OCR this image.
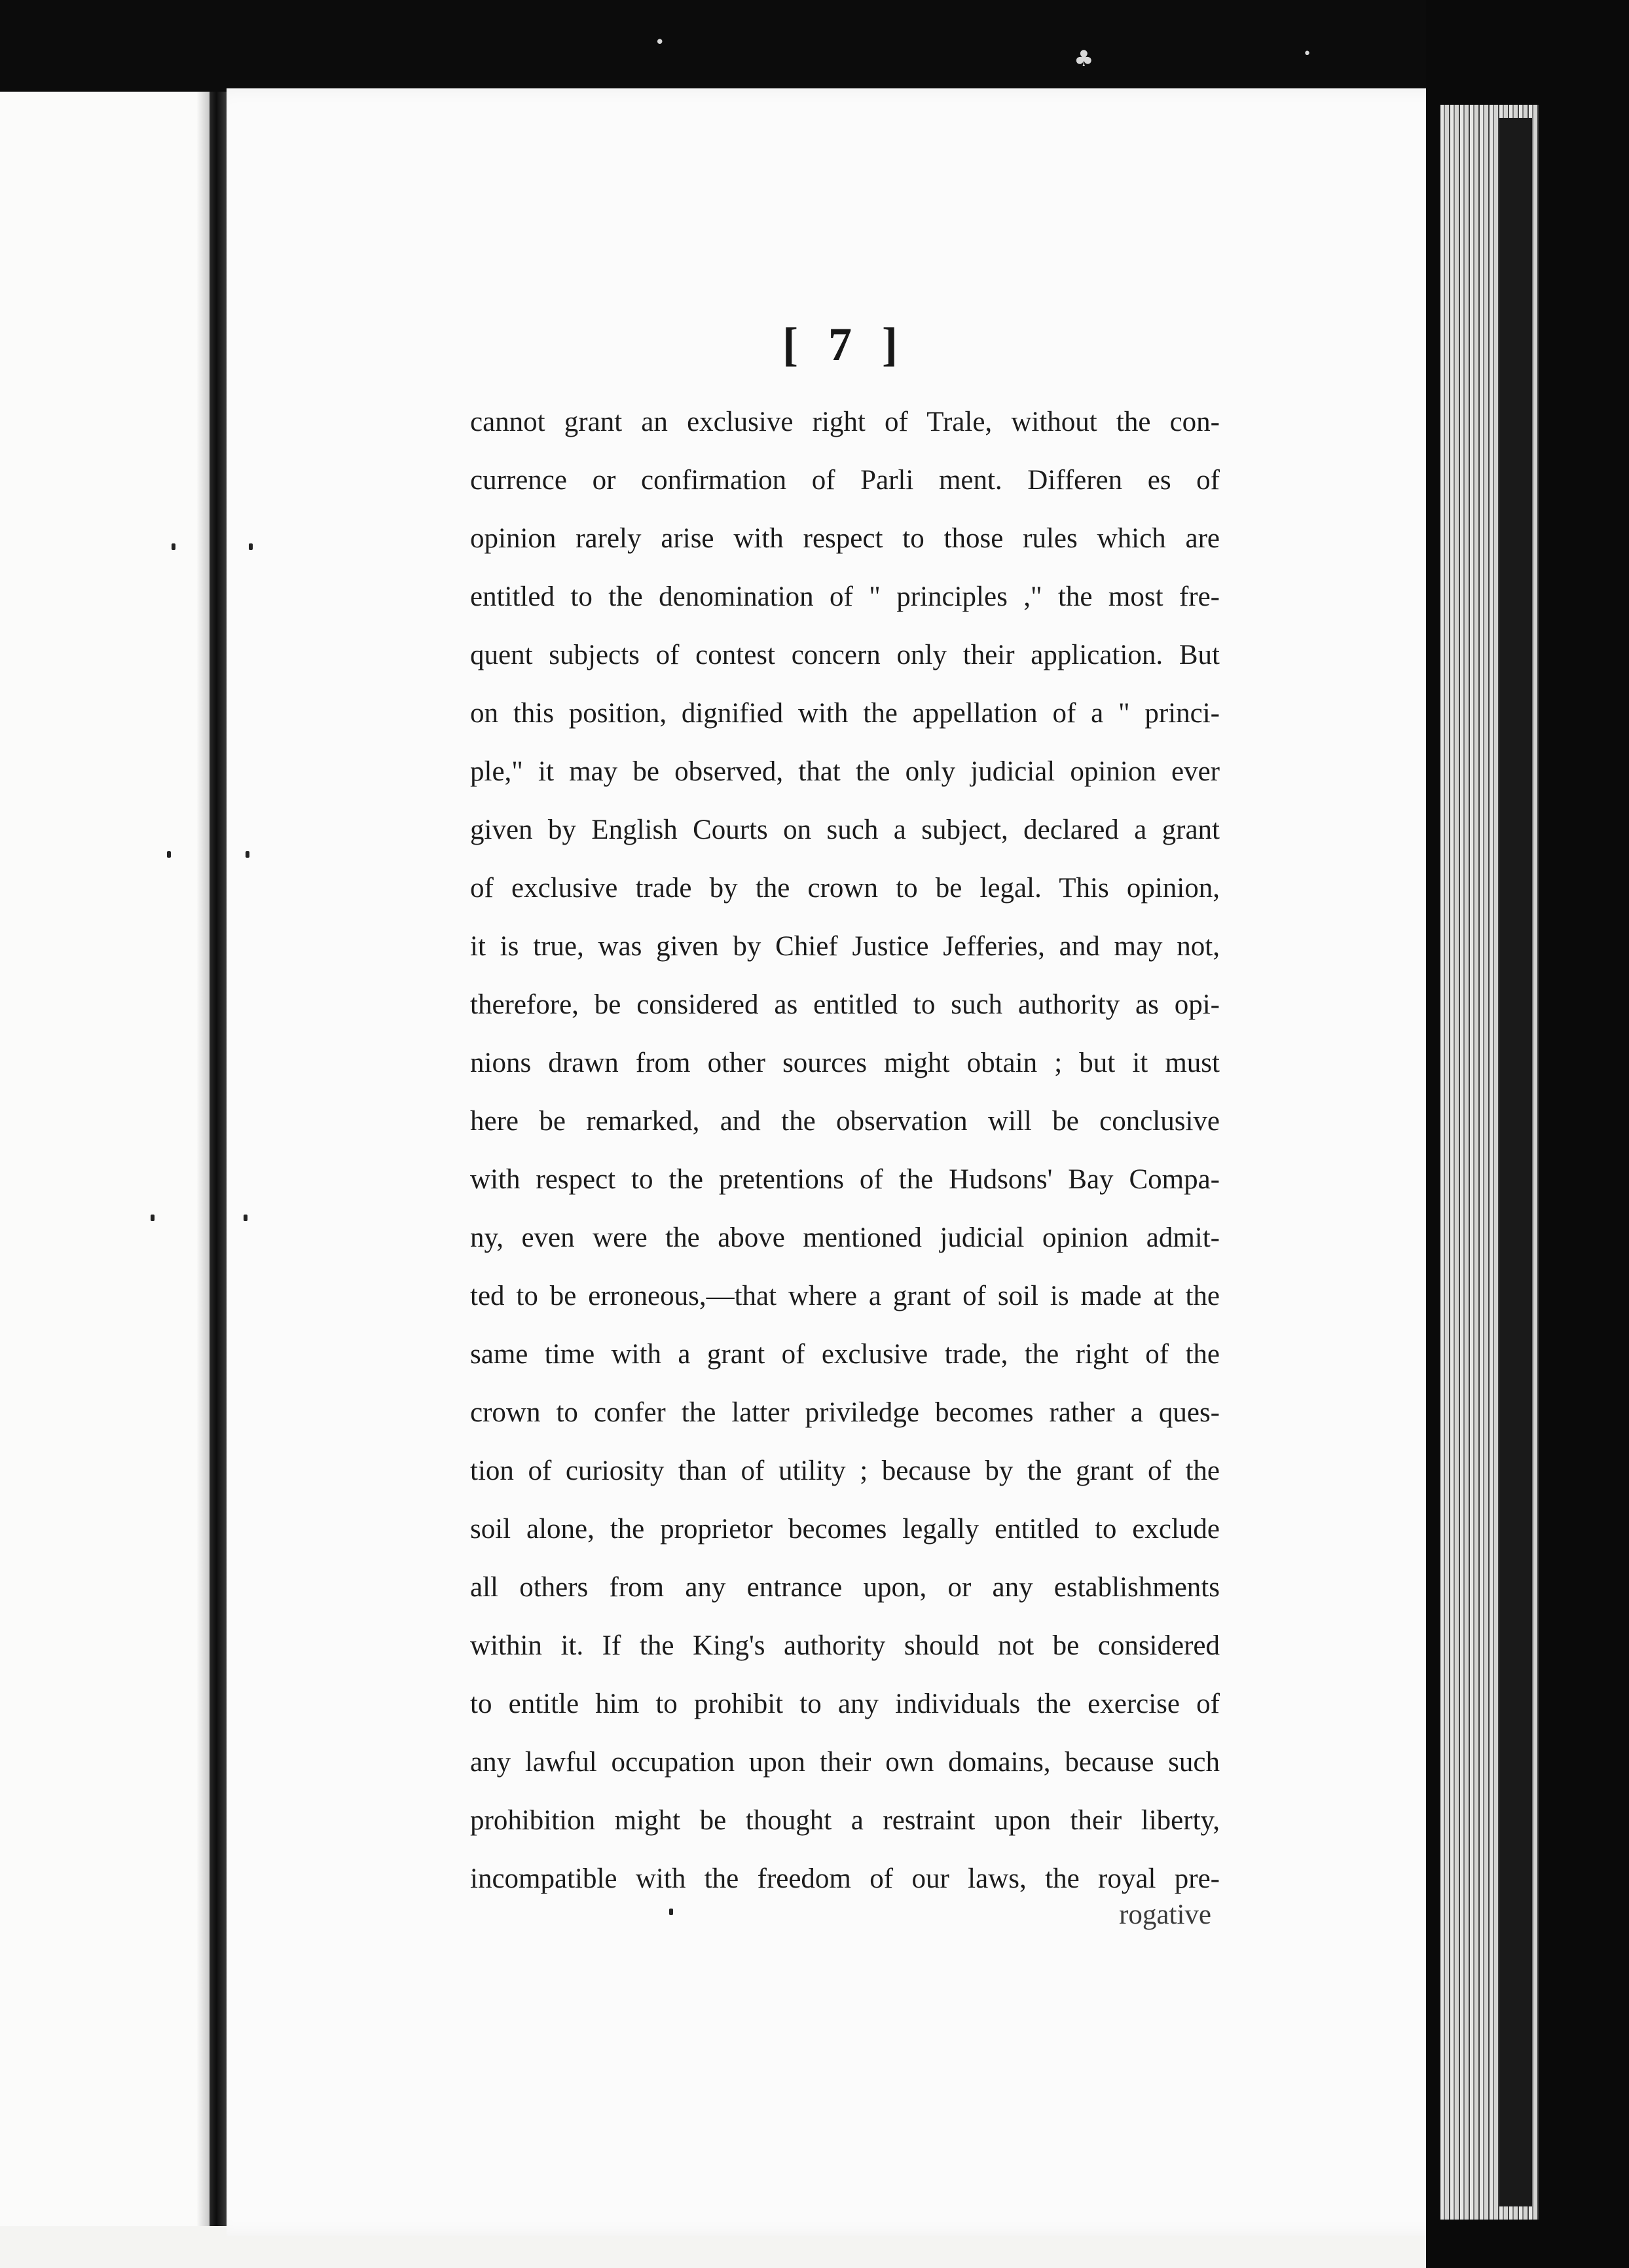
•
♣	•
[ 7 ]
cannot grant an exclusive right of Trale, without the con-
currence or confirmation of Parli ment. Differen es of
opinion rarely arise with respect to those rules which are
entitled to the denomination of " principles ," the most fre-
quent subjects of contest concern only their application. But
on this position, dignified with the appellation of a " princi-
ple," it may be observed, that the only judicial opinion ever
given by English Courts on such a subject, declared a grant
of exclusive trade by the crown to be legal. This opinion,
it is true, was given by Chief Justice Jefferies, and may not,
therefore, be considered as entitled to such authority as opi-
nions drawn from other sources might obtain ; but it must
here be remarked, and the observation will be conclusive
with respect to the pretentions of the Hudsons' Bay Compa-
ny, even were the above mentioned judicial opinion admit-
ted to be erroneous,—that where a grant of soil is made at the
same time with a grant of exclusive trade, the right of the
crown to confer the latter priviledge becomes rather a ques-
tion of curiosity than of utility ; because by the grant of the
soil alone, the proprietor becomes legally entitled to exclude
all others from any entrance upon, or any establishments
within it. If the King's authority should not be considered
to entitle him to prohibit to any individuals the exercise of
any lawful occupation upon their own domains, because such
prohibition might be thought a restraint upon their liberty,
incompatible with the freedom of our laws, the royal pre-
rogative
